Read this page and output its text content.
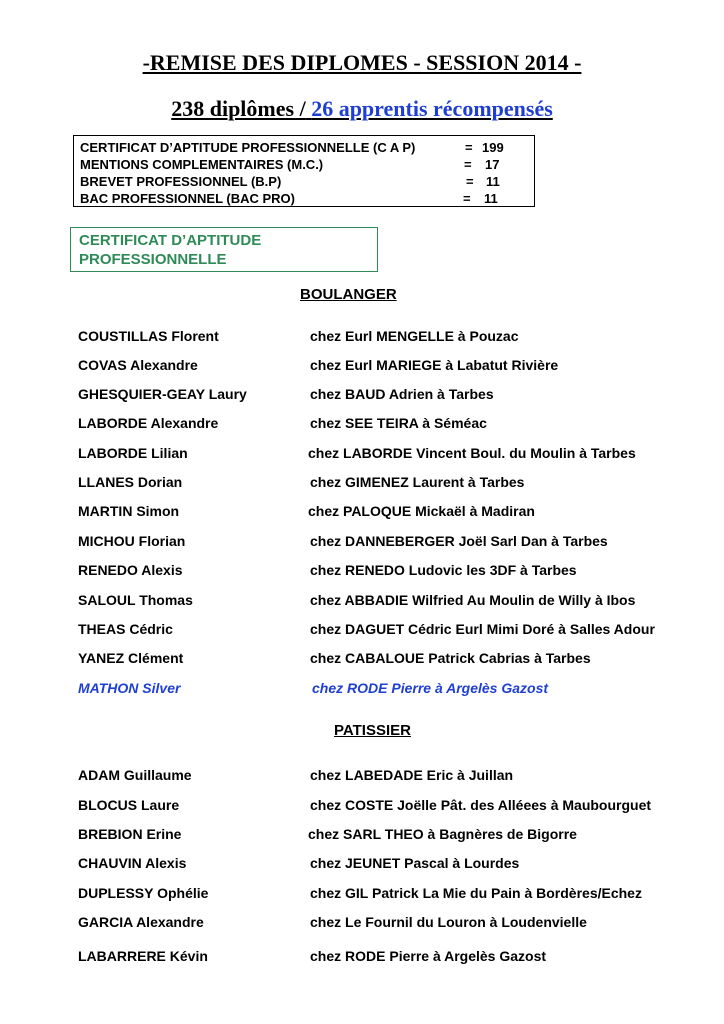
-REMISE DES DIPLOMES - SESSION 2014 -
238 diplômes / 26 apprentis récompensés
CERTIFICAT D’APTITUDE PROFESSIONNELLE (C A P)	= 199
MENTIONS COMPLEMENTAIRES (M.C.)	= 17
BREVET PROFESSIONNEL (B.P)	= 11
BAC PROFESSIONNEL (BAC PRO)	= 11
CERTIFICAT D’APTITUDE PROFESSIONNELLE
BOULANGER
COUSTILLAS Florent	chez Eurl MENGELLE à Pouzac
COVAS Alexandre	chez Eurl MARIEGE à Labatut Rivière
GHESQUIER-GEAY Laury	chez BAUD Adrien à Tarbes
LABORDE Alexandre	chez SEE TEIRA à Séméac
LABORDE Lilian	chez LABORDE Vincent Boul. du Moulin à Tarbes
LLANES Dorian	chez GIMENEZ Laurent à Tarbes
MARTIN Simon	chez PALOQUE Mickaël à Madiran
MICHOU Florian	chez DANNEBERGER Joël Sarl Dan à Tarbes
RENEDO Alexis	chez RENEDO Ludovic les 3DF à Tarbes
SALOUL Thomas	chez ABBADIE Wilfried Au Moulin de Willy à Ibos
THEAS Cédric	chez DAGUET Cédric Eurl Mimi Doré à Salles Adour
YANEZ Clément	chez CABALOUE Patrick Cabrias à Tarbes
MATHON Silver	chez RODE Pierre à Argelès Gazost
PATISSIER
ADAM Guillaume	chez LABEDADE Eric à Juillan
BLOCUS Laure	chez COSTE Joëlle Pât. des Alléees à Maubourguet
BREBION Erine	chez SARL THEO à Bagnères de Bigorre
CHAUVIN Alexis	chez JEUNET Pascal à Lourdes
DUPLESSY Ophélie	chez GIL Patrick La Mie du Pain à Bordères/Echez
GARCIA Alexandre	chez Le Fournil du Louron à Loudenvielle
LABARRERE Kévin	chez RODE Pierre à Argelès Gazost
